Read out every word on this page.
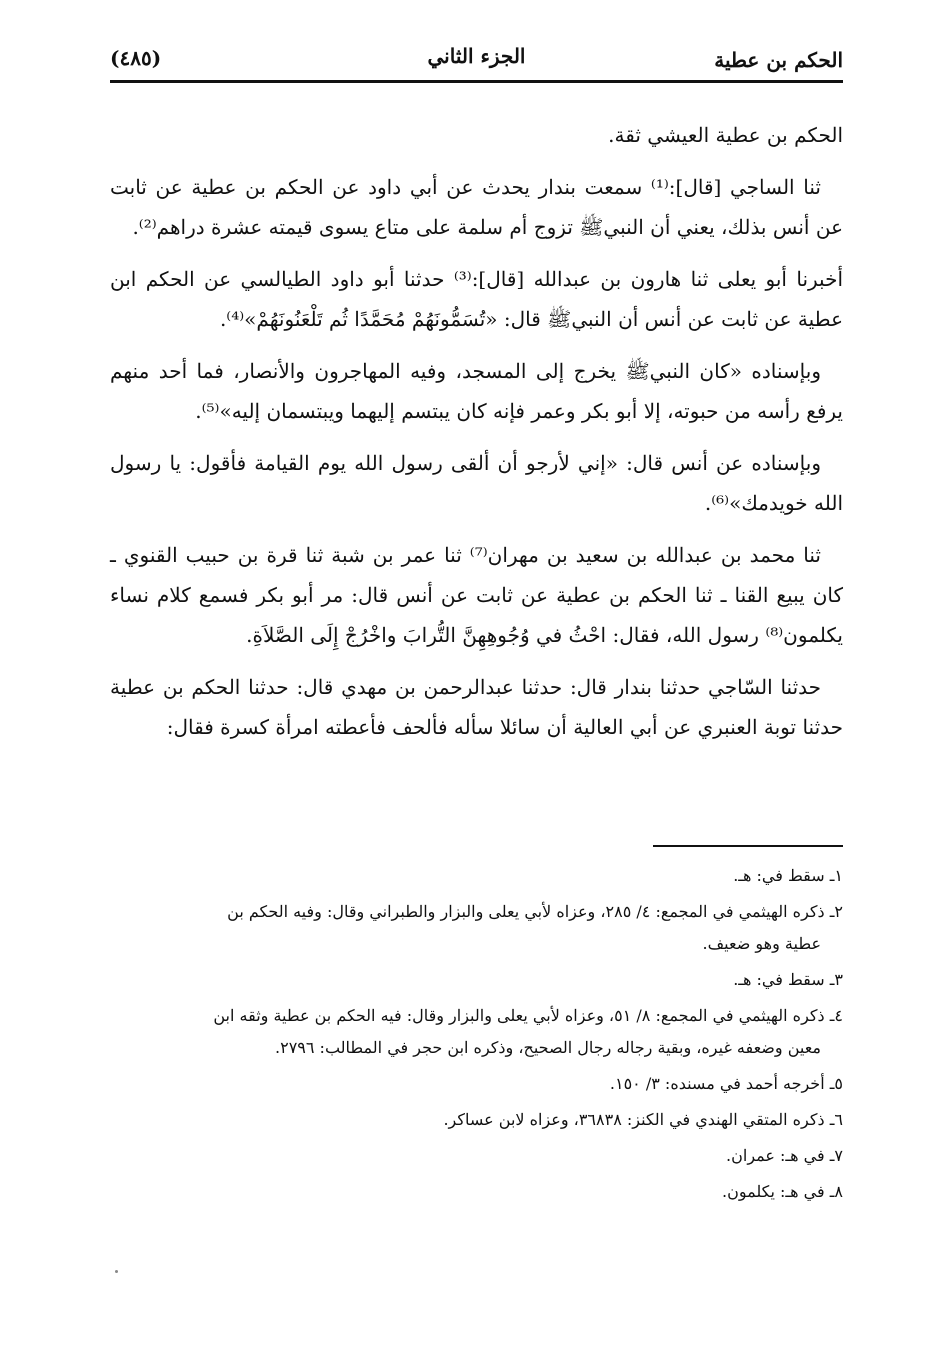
الحكم بن عطية
الجزء الثاني
(٤٨٥)

الحكم بن عطية العيشي ثقة.

ثنا الساجي [قال]:⁽¹⁾ سمعت بندار يحدث عن أبي داود عن الحكم بن عطية عن ثابت عن أنس بذلك، يعني أن النبيﷺ تزوج أم سلمة على متاع يسوى قيمته عشرة دراهم⁽²⁾.

أخبرنا أبو يعلى ثنا هارون بن عبدالله [قال]:⁽³⁾ حدثنا أبو داود الطيالسي عن الحكم ابن عطية عن ثابت عن أنس أن النبيﷺ قال: «تُسَمُّونَهُمْ مُحَمَّدًا ثُم تَلْعَنُونَهُمْ»⁽⁴⁾.

وبإسناده «كان النبيﷺ يخرج إلى المسجد، وفيه المهاجرون والأنصار، فما أحد منهم يرفع رأسه من حبوته، إلا أبو بكر وعمر فإنه كان يبتسم إليهما ويبتسمان إليه»⁽⁵⁾.

وبإسناده عن أنس قال: «إني لأرجو أن ألقى رسول الله يوم القيامة فأقول: يا رسول الله خويدمك»⁽⁶⁾.

ثنا محمد بن عبدالله بن سعيد بن مهران⁽⁷⁾ ثنا عمر بن شبة ثنا قرة بن حبيب القنوي ـ كان يبيع القنا ـ ثنا الحكم بن عطية عن ثابت عن أنس قال: مر أبو بكر فسمع كلام نساء يكلمون⁽⁸⁾ رسول الله، فقال: احْثُ في وُجُوهِهِنَّ التُّرابَ واخْرُجْ إِلَى الصَّلاَةِ.

حدثنا السّاجي حدثنا بندار قال: حدثنا عبدالرحمن بن مهدي قال: حدثنا الحكم بن عطية حدثنا توبة العنبري عن أبي العالية أن سائلا سأله فألحف فأعطته امرأة كسرة فقال:

١ـ سقط في: هـ.
٢ـ ذكره الهيثمي في المجمع: ٤/ ٢٨٥، وعزاه لأبي يعلى والبزار والطبراني وقال: وفيه الحكم بن
عطية وهو ضعيف.
٣ـ سقط في: هـ.
٤ـ ذكره الهيثمي في المجمع: ٨/ ٥١، وعزاه لأبي يعلى والبزار وقال: فيه الحكم بن عطية وثقه ابن
معين وضعفه غيره، وبقية رجاله رجال الصحيح، وذكره ابن حجر في المطالب: ٢٧٩٦.
٥ـ أخرجه أحمد في مسنده: ٣/ ١٥٠.
٦ـ ذكره المتقي الهندي في الكنز: ٣٦٨٣٨، وعزاه لابن عساكر.
٧ـ في هـ: عمران.
٨ـ في هـ: يكلمون.
